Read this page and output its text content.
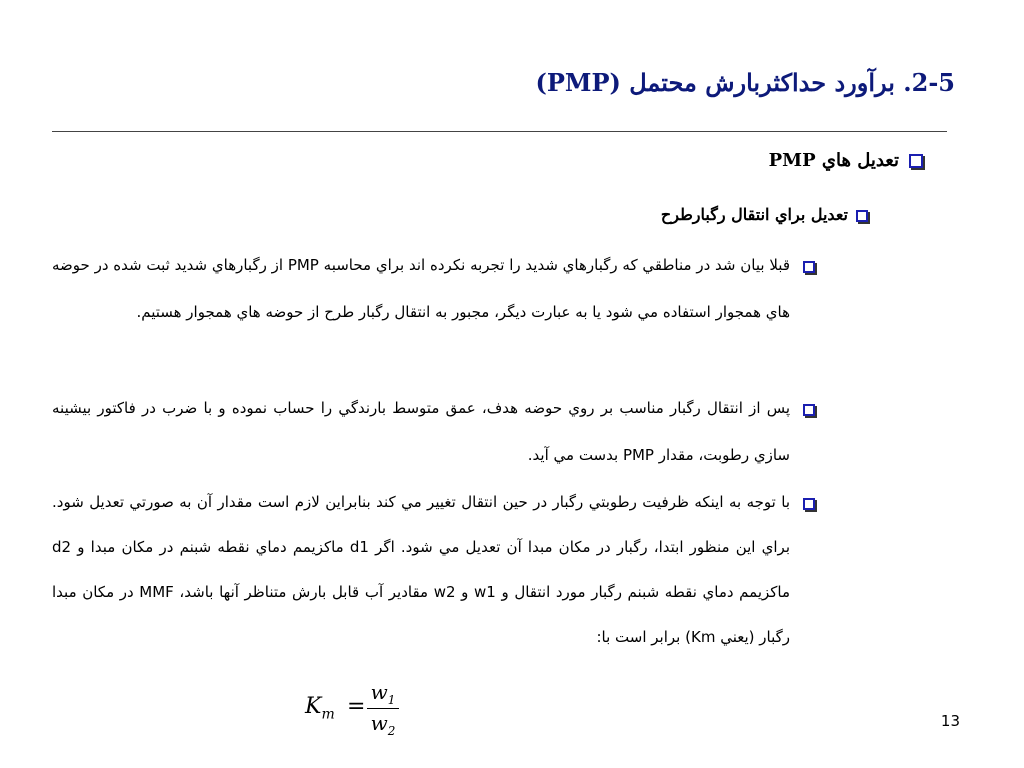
2-5. برآورد حداكثربارش محتمل (PMP)
تعديل هاي PMP
تعديل براي انتقال رگبارطرح
قبلا بيان شد در مناطقي كه رگبارهاي شديد را تجربه نكرده اند براي محاسبه PMP از رگبارهاي شديد ثبت شده در حوضه هاي همجوار استفاده مي شود يا به عبارت ديگر، مجبور به انتقال رگبار طرح از حوضه هاي همجوار هستيم.
پس از انتقال رگبار مناسب بر روي حوضه هدف، عمق متوسط بارندگي را حساب نموده و با ضرب در فاكتور بيشينه سازي رطوبت، مقدار PMP بدست مي آيد.
با توجه به اينكه ظرفيت رطوبتي رگبار در حين انتقال تغيير مي كند بنابراين لازم است مقدار آن به صورتي تعديل شود. براي اين منظور ابتدا، رگبار در مكان مبدا آن تعديل مي شود. اگر d1 ماكزيمم دماي نقطه شبنم در مكان مبدا و d2 ماكزيمم دماي نقطه شبنم رگبار مورد انتقال و w1 و w2 مقادير آب قابل بارش متناظر آنها باشد، MMF در مكان مبدا رگبار (يعني Km) برابر است با:
$K_m$ =
$w_1$
$w_2$
13
